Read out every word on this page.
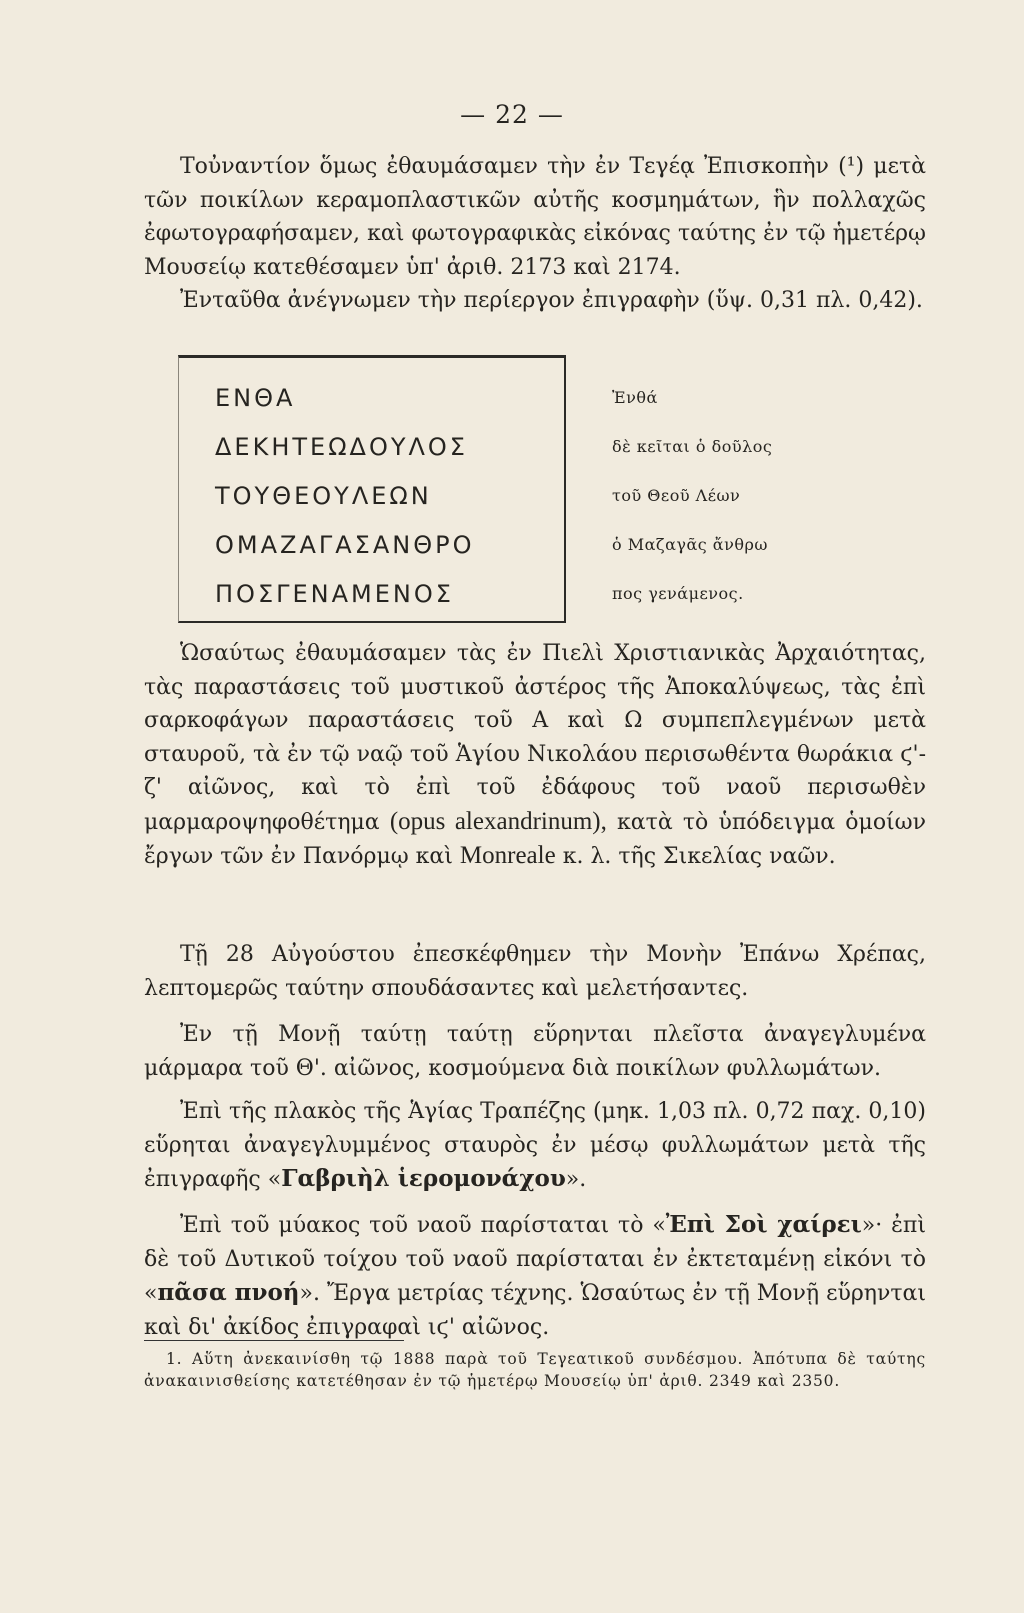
— 22 —

Τοὐναντίον ὅμως ἐθαυμάσαμεν τὴν ἐν Τεγέᾳ Ἐπισκοπὴν (¹) μετὰ τῶν ποικίλων κεραμοπλαστικῶν αὐτῆς κοσμημάτων, ἣν πολλαχῶς ἐφωτογραφήσαμεν, καὶ φωτογραφικὰς εἰκόνας ταύτης ἐν τῷ ἡμετέρῳ Μουσείῳ κατεθέσαμεν ὑπ' ἀριθ. 2173 καὶ 2174.

Ἐνταῦθα ἀνέγνωμεν τὴν περίεργον ἐπιγραφὴν (ὕψ. 0,31 πλ. 0,42).

ΕΝΘΑ
ΔΕΚΗΤΕΩΔΟΥΛΟΣ
ΤΟΥΘΕΟΥΛΕΩΝ
ΟΜΑΖΑΓΑΣΑΝΘΡΟ
ΠΟΣΓΕΝΑΜΕΝΟΣ
Ἐνθά
δὲ κεῖται ὁ δοῦλος
τοῦ Θεοῦ Λέων
ὁ Μαζαγᾶς ἄνθρω
πος γενάμενος.

Ὡσαύτως ἐθαυμάσαμεν τὰς ἐν Πιελὶ Χριστιανικὰς Ἀρχαιότητας, τὰς παραστάσεις τοῦ μυστικοῦ ἀστέρος τῆς Ἀποκαλύψεως, τὰς ἐπὶ σαρκοφάγων παραστάσεις τοῦ Α καὶ Ω συμπεπλεγμένων μετὰ σταυροῦ, τὰ ἐν τῷ ναῷ τοῦ Ἁγίου Νικολάου περισωθέντα θωράκια ϛ'-ζ' αἰῶνος, καὶ τὸ ἐπὶ τοῦ ἐδάφους τοῦ ναοῦ περισωθὲν μαρμαροψηφοθέτημα (opus alexandrinum), κατὰ τὸ ὑπόδειγμα ὁμοίων ἔργων τῶν ἐν Πανόρμῳ καὶ Monreale κ. λ. τῆς Σικελίας ναῶν.

Τῇ 28 Αὐγούστου ἐπεσκέφθημεν τὴν Μονὴν Ἐπάνω Χρέπας, λεπτομερῶς ταύτην σπουδάσαντες καὶ μελετήσαντες.

Ἐν τῇ Μονῇ ταύτῃ ταύτῃ εὕρηνται πλεῖστα ἀναγεγλυμένα μάρμαρα τοῦ Θ'. αἰῶνος, κοσμούμενα διὰ ποικίλων φυλλωμάτων.

Ἐπὶ τῆς πλακὸς τῆς Ἁγίας Τραπέζης (μηκ. 1,03 πλ. 0,72 παχ. 0,10) εὕρηται ἀναγεγλυμμένος σταυρὸς ἐν μέσῳ φυλλωμάτων μετὰ τῆς ἐπιγραφῆς «Γαβριὴλ ἱερομονάχου».

Ἐπὶ τοῦ μύακος τοῦ ναοῦ παρίσταται τὸ «Ἐπὶ Σοὶ χαίρει»· ἐπὶ δὲ τοῦ Δυτικοῦ τοίχου τοῦ ναοῦ παρίσταται ἐν ἐκτεταμένῃ εἰκόνι τὸ «πᾶσα πνοή». Ἔργα μετρίας τέχνης. Ὡσαύτως ἐν τῇ Μονῇ εὕρηνται καὶ δι' ἀκίδος ἐπιγραφαὶ ιϛ' αἰῶνος.

1. Αὕτη ἀνεκαινίσθη τῷ 1888 παρὰ τοῦ Τεγεατικοῦ συνδέσμου. Ἀπότυπα δὲ ταύτης ἀνακαινισθείσης κατετέθησαν ἐν τῷ ἡμετέρῳ Μουσείῳ ὑπ' ἀριθ. 2349 καὶ 2350.
